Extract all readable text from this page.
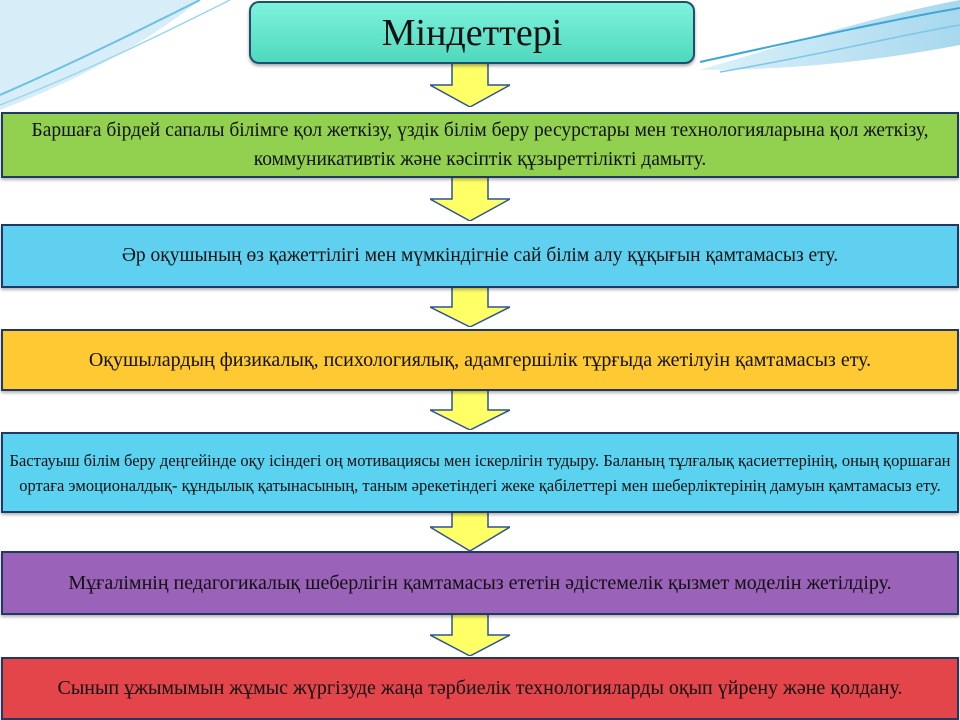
Міндеттері
Баршаға бірдей сапалы білімге қол жеткізу, үздік білім беру ресурстары мен технологияларына қол жеткізу, коммуникативтік және кәсіптік құзыреттілікті дамыту.
Әр оқушының өз қажеттілігі мен мүмкіндігніе сай білім алу құқығын қамтамасыз ету.
Оқушылардың физикалық, психологиялық, адамгершілік тұрғыда жетілуін қамтамасыз ету.
Бастауыш білім беру деңгейінде оқу ісіндегі оң мотивациясы мен іскерлігін тудыру. Баланың тұлғалық қасиеттерінің, оның қоршаған ортаға эмоционалдық- құндылық қатынасының, таным әрекетіндегі жеке қабілеттері мен шеберліктерінің дамуын қамтамасыз ету.
Мұғалімнің педагогикалық шеберлігін қамтамасыз ететін әдістемелік қызмет моделін жетілдіру.
Сынып ұжымымын жұмыс жүргізуде жаңа тәрбиелік технологияларды оқып үйрену және қолдану.
